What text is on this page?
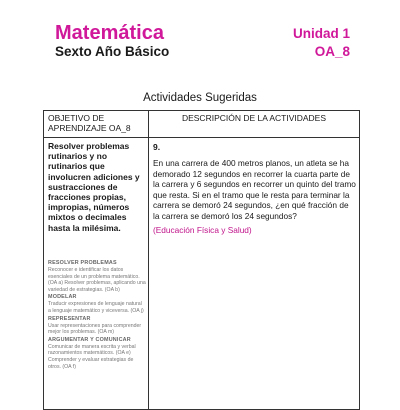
Matemática
Sexto Año Básico
Unidad 1
OA_8
Actividades Sugeridas
OBJETIVO DE APRENDIZAJE OA_8
DESCRIPCIÓN DE LA ACTIVIDADES
Resolver problemas rutinarios y no rutinarios que involucren adiciones y sustracciones de fracciones propias, impropias, números mixtos o decimales hasta la milésima.
RESOLVER PROBLEMAS
Reconocer e identificar los datos esenciales de un problema matemático. (OA a) Resolver problemas, aplicando una variedad de estrategias. (OA b)
MODELAR
Traducir expresiones de lenguaje natural a lenguaje matemático y viceversa. (OA j)
REPRESENTAR
Usar representaciones para comprender mejor los problemas. (OA m)
ARGUMENTAR Y COMUNICAR
Comunicar de manera escrita y verbal razonamientos matemáticos. (OA e) Comprender y evaluar estrategias de otros. (OA f)
9.
En una carrera de 400 metros planos, un atleta se ha demorado 12 segundos en recorrer la cuarta parte de la carrera y 6 segundos en recorrer un quinto del tramo que resta. Si en el tramo que le resta para terminar la carrera se demoró 24 segundos, ¿en qué fracción de la carrera se demoró los 24 segundos?
(Educación Física y Salud)
